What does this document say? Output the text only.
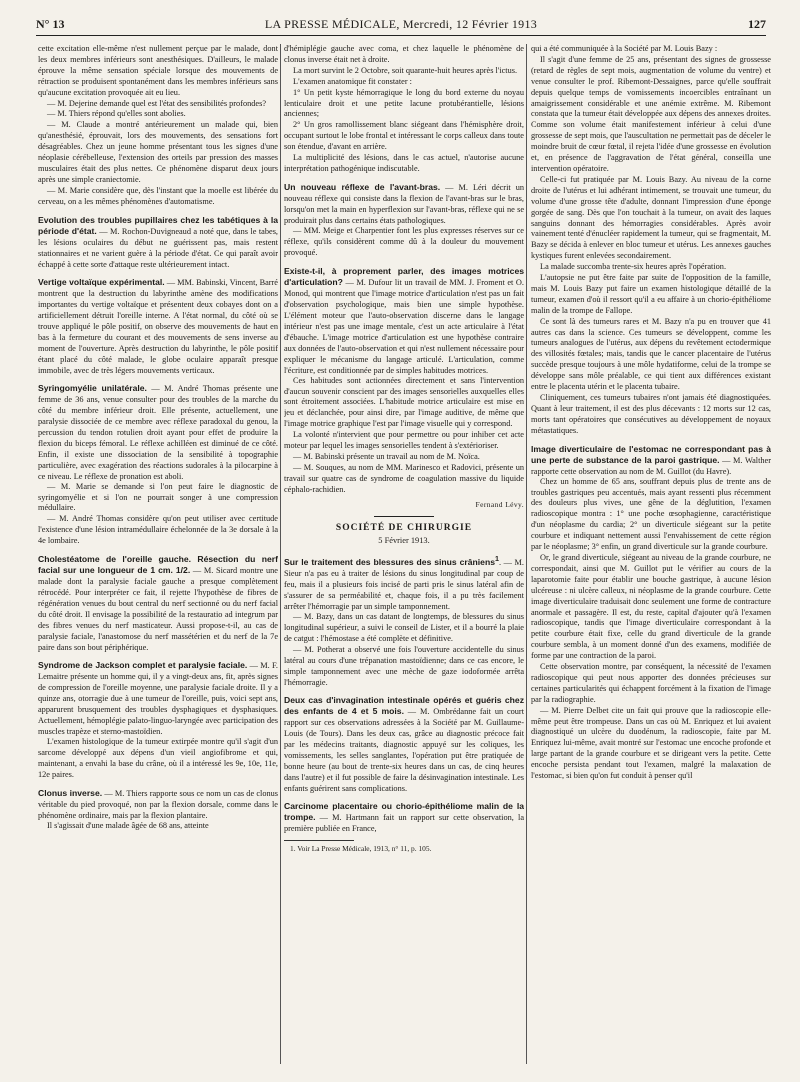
N° 13	LA PRESSE MÉDICALE, Mercredi, 12 Février 1913	127

cette excitation elle-même n'est nullement perçue par le malade, dont les deux membres inférieurs sont anesthésiques. D'ailleurs, le malade éprouve la même sensation spéciale lorsque des mouvements de rétraction se produisent spontanément dans les membres inférieurs sans qu'aucune excitation provoquée ait eu lieu.

— M. Dejerine demande quel est l'état des sensibilités profondes?

— M. Thiers répond qu'elles sont abolies.

— M. Claude a montré antérieurement un malade qui, bien qu'anesthésié, éprouvait, lors des mouvements, des sensations fort désagréables. Chez un jeune homme présentant tous les signes d'une néoplasie cérébelleuse, l'extension des orteils par pression des masses musculaires était des plus nettes. Ce phénomène disparut deux jours après une simple craniectomie.

— M. Marie considère que, dès l'instant que la moelle est libérée du cerveau, on a les mêmes phénomènes d'automatisme.

Evolution des troubles pupillaires chez les tabétiques à la période d'état. — M. Rochon-Duvigneaud a noté que, dans le tabes, les lésions oculaires du début ne guérissent pas, mais restent stationnaires et ne varient guère à la période d'état. Ce qui paraît avoir échappé à cette sorte d'attaque reste ultérieurement intact.

Vertige voltaïque expérimental. — MM. Babinski, Vincent, Barré montrent que la destruction du labyrinthe amène des modifications importantes du vertige voltaïque et présentent deux cobayes dont on a artificiellement détruit l'oreille interne. A l'état normal, du côté où se trouve appliqué le pôle positif, on observe des mouvements de haut en bas à la fermeture du courant et des mouvements de sens inverse au moment de l'ouverture. Après destruction du labyrinthe, le pôle positif étant placé du côté malade, le globe oculaire apparaît presque immobile, avec de très légers mouvements verticaux.

Syringomyélie unilatérale. — M. André Thomas présente une femme de 36 ans, venue consulter pour des troubles de la marche du côté du membre inférieur droit. Elle présente, actuellement, une paralysie dissociée de ce membre avec réflexe paradoxal du genou, la percussion du tendon rotulien droit ayant pour effet de produire la flexion du biceps fémoral. Le réflexe achilléen est diminué de ce côté. Enfin, il existe une dissociation de la sensibilité à topographie particulière, avec exagération des réactions sudorales à la pilocarpine à ce niveau. Le réflexe de pronation est aboli.

— M. Marie se demande si l'on peut faire le diagnostic de syringomyélie et si l'on ne pourrait songer à une compression médullaire.

— M. André Thomas considère qu'on peut utiliser avec certitude l'existence d'une lésion intramédullaire échelonnée de la 3e dorsale à la 4e lombaire.

Cholestéatome de l'oreille gauche. Résection du nerf facial sur une longueur de 1 cm. 1/2. — M. Sicard montre une malade dont la paralysie faciale gauche a presque complètement rétrocédé. Pour interpréter ce fait, il rejette l'hypothèse de fibres de régénération venues du bout central du nerf sectionné ou du nerf facial du côté droit. Il envisage la possibilité de la restauratio ad integrum par des fibres venues du nerf masticateur. Aussi propose-t-il, au cas de paralysie faciale, l'anastomose du nerf massétérien et du nerf de la 7e paire dans son bout périphérique.

Syndrome de Jackson complet et paralysie faciale. — M. F. Lemaitre présente un homme qui, il y a vingt-deux ans, fit, après signes de compression de l'oreille moyenne, une paralysie faciale droite. Il y a quinze ans, otorragie due à une tumeur de l'oreille, puis, voici sept ans, apparurent brusquement des troubles dysphagiques et dysphasiques. Actuellement, hémoplégie palato-linguo-laryngée avec participation des muscles trapèze et sterno-mastoïdien.

L'examen histologique de la tumeur extirpée montre qu'il s'agit d'un sarcome développé aux dépens d'un vieil angiofibrome et qui, maintenant, a envahi la base du crâne, où il a intéressé les 9e, 10e, 11e, 12e paires.

Clonus inverse. — M. Thiers rapporte sous ce nom un cas de clonus véritable du pied provoqué, non par la flexion dorsale, comme dans le phénomène ordinaire, mais par la flexion plantaire.

Il s'agissait d'une malade âgée de 68 ans, atteinte

d'hémiplégie gauche avec coma, et chez laquelle le phénomène de clonus inverse était net à droite.

La mort survint le 2 Octobre, soit quarante-huit heures après l'ictus.

L'examen anatomique fit constater :

1° Un petit kyste hémorragique le long du bord externe du noyau lenticulaire droit et une petite lacune protubérantielle, lésions anciennes;

2° Un gros ramollissement blanc siégeant dans l'hémisphère droit, occupant surtout le lobe frontal et intéressant le corps calleux dans toute son étendue, d'avant en arrière.

La multiplicité des lésions, dans le cas actuel, n'autorise aucune interprétation pathogénique indiscutable.

Un nouveau réflexe de l'avant-bras. — M. Léri décrit un nouveau réflexe qui consiste dans la flexion de l'avant-bras sur le bras, lorsqu'on met la main en hyperflexion sur l'avant-bras, réflexe qui ne se produirait plus dans certains états pathologiques.

— MM. Meige et Charpentier font les plus expresses réserves sur ce réflexe, qu'ils considèrent comme dû à la douleur du mouvement provoqué.

Existe-t-il, à proprement parler, des images motrices d'articulation? — M. Dufour lit un travail de MM. J. Froment et O. Monod, qui montrent que l'image motrice d'articulation n'est pas un fait d'observation psychologique, mais bien une simple hypothèse. L'élément moteur que l'auto-observation discerne dans le langage intérieur n'est pas une image mentale, c'est un acte articulaire à l'état d'ébauche. L'image motrice d'articulation est une hypothèse contraire aux données de l'auto-observation et qui n'est nullement nécessaire pour expliquer le mécanisme du langage articulé. L'articulation, comme l'écriture, est conditionnée par de simples habitudes motrices.

Ces habitudes sont actionnées directement et sans l'intervention d'aucun souvenir conscient par des images sensorielles auxquelles elles sont étroitement associées. L'habitude motrice articulaire est mise en jeu et déclanchée, pour ainsi dire, par l'image auditive, de même que l'image motrice graphique l'est par l'image visuelle qui y correspond.

La volonté n'intervient que pour permettre ou pour inhiber cet acte moteur par lequel les images sensorielles tendent à s'extérioriser.

— M. Babinski présente un travail au nom de M. Noïca.

— M. Souques, au nom de MM. Marinesco et Radovici, présente un travail sur quatre cas de syndrome de coagulation massive du liquide céphalo-rachidien.

Fernand Lévy.

SOCIÉTÉ DE CHIRURGIE

5 Février 1913.

Sur le traitement des blessures des sinus crâniens$^1$. — M. Sieur n'a pas eu à traiter de lésions du sinus longitudinal par coup de feu, mais il a plusieurs fois incisé de parti pris le sinus latéral afin de s'assurer de sa perméabilité et, chaque fois, il a pu très facilement arrêter l'hémorragie par un simple tamponnement.

— M. Bazy, dans un cas datant de longtemps, de blessures du sinus longitudinal supérieur, a suivi le conseil de Lister, et il a bourré la plaie de catgut : l'hémostase a été complète et définitive.

— M. Potherat a observé une fois l'ouverture accidentelle du sinus latéral au cours d'une trépanation mastoïdienne; dans ce cas encore, le simple tamponnement avec une mèche de gaze iodoformée arrêta l'hémorragie.

Deux cas d'invagination intestinale opérés et guéris chez des enfants de 4 et 5 mois. — M. Ombrédanne fait un court rapport sur ces observations adressées à la Société par M. Guillaume-Louis (de Tours). Dans les deux cas, grâce au diagnostic précoce fait par les médecins traitants, diagnostic appuyé sur les coliques, les vomissements, les selles sanglantes, l'opération put être pratiquée de bonne heure (au bout de trente-six heures dans un cas, de cinq heures dans l'autre) et il fut possible de faire la désinvagination intestinale. Les enfants guérirent sans complications.

Carcinome placentaire ou chorio-épithéliome malin de la trompe. — M. Hartmann fait un rapport sur cette observation, la première publiée en France,

1. Voir La Presse Médicale, 1913, n° 11, p. 105.

qui a été communiquée à la Société par M. Louis Bazy :

Il s'agit d'une femme de 25 ans, présentant des signes de grossesse (retard de règles de sept mois, augmentation de volume du ventre) et venue consulter le prof. Ribemont-Dessaignes, parce qu'elle souffrait depuis quelque temps de vomissements incoercibles entraînant un amaigrissement considérable et une anémie extrême. M. Ribemont constata que la tumeur était développée aux dépens des annexes droites. Comme son volume était manifestement inférieur à celui d'une grossesse de sept mois, que l'auscultation ne permettait pas de déceler le moindre bruit de cœur fœtal, il rejeta l'idée d'une grossesse en évolution et, en présence de l'aggravation de l'état général, conseilla une intervention opératoire.

Celle-ci fut pratiquée par M. Louis Bazy. Au niveau de la corne droite de l'utérus et lui adhérant intimement, se trouvait une tumeur, du volume d'une grosse tête d'adulte, donnant l'impression d'une éponge gorgée de sang. Dès que l'on touchait à la tumeur, on avait des laques sanguins donnant des hémorragies considérables. Après avoir vainement tenté d'énucléer rapidement la tumeur, qui se fragmentait, M. Bazy se décida à enlever en bloc tumeur et utérus. Les annexes gauches kystiques furent enlevées secondairement.

La malade succomba trente-six heures après l'opération.

L'autopsie ne put être faite par suite de l'opposition de la famille, mais M. Louis Bazy put faire un examen histologique détaillé de la tumeur, examen d'où il ressort qu'il a eu affaire à un chorio-épithéliome malin de la trompe de Fallope.

Ce sont là des tumeurs rares et M. Bazy n'a pu en trouver que 41 autres cas dans la science. Ces tumeurs se développent, comme les tumeurs analogues de l'utérus, aux dépens du revêtement ectodermique des villosités fœtales; mais, tandis que le cancer placentaire de l'utérus succède presque toujours à une môle hydatiforme, celui de la trompe se développe sans môle préalable, ce qui tient aux différences existant entre le placenta utérin et le placenta tubaire.

Cliniquement, ces tumeurs tubaires n'ont jamais été diagnostiquées. Quant à leur traitement, il est des plus décevants : 12 morts sur 12 cas, morts tant opératoires que consécutives au développement de noyaux métastatiques.

Image diverticulaire de l'estomac ne correspondant pas à une perte de substance de la paroi gastrique. — M. Walther rapporte cette observation au nom de M. Guillot (du Havre).

Chez un homme de 65 ans, souffrant depuis plus de trente ans de troubles gastriques peu accentués, mais ayant ressenti plus récemment des douleurs plus vives, une gêne de la déglutition, l'examen radioscopique montra : 1° une poche œsophagienne, caractéristique d'un néoplasme du cardia; 2° un diverticule siégeant sur la petite courbure et indiquant nettement aussi l'envahissement de cette région par le néoplasme; 3° enfin, un grand diverticule sur la grande courbure.

Or, le grand diverticule, siégeant au niveau de la grande courbure, ne correspondait, ainsi que M. Guillot put le vérifier au cours de la laparotomie faite pour établir une bouche gastrique, à aucune lésion ulcéreuse : ni ulcère calleux, ni néoplasme de la grande courbure. Cette image diverticulaire traduisait donc seulement une forme de contracture anormale et passagère. Il est, du reste, capital d'ajouter qu'à l'examen radioscopique, tandis que l'image diverticulaire correspondant à la petite courbure était fixe, celle du grand diverticule de la grande courbure sembla, à un moment donné d'un des examens, modifiée de forme par une contraction de la paroi.

Cette observation montre, par conséquent, la nécessité de l'examen radioscopique qui peut nous apporter des données précieuses sur certaines particularités qui échappent forcément à la fixation de l'image par la radiographie.

— M. Pierre Delbet cite un fait qui prouve que la radioscopie elle-même peut être trompeuse. Dans un cas où M. Enriquez et lui avaient diagnostiqué un ulcère du duodénum, la radioscopie, faite par M. Enriquez lui-même, avait montré sur l'estomac une encoche profonde et large partant de la grande courbure et se dirigeant vers la petite. Cette encoche persista pendant tout l'examen, malgré la malaxation de l'estomac, si bien qu'on fut conduit à penser qu'il
